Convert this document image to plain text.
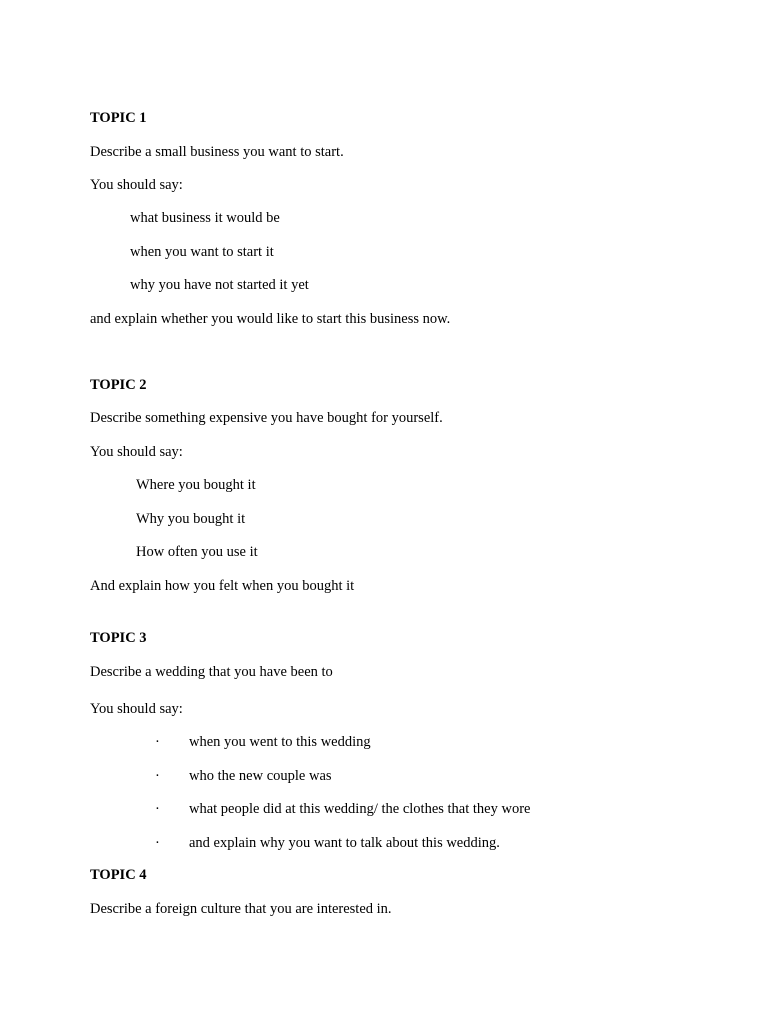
TOPIC 1
Describe a small business you want to start.
You should say:
what business it would be
when you want to start it
why you have not started it yet
and explain whether you would like to start this business now.
TOPIC 2
Describe something expensive you have bought for yourself.
You should say:
Where you bought it
Why you bought it
How often you use it
And explain how you felt when you bought it
TOPIC 3
Describe a wedding that you have been to
You should say:
· when you went to this wedding
· who the new couple was
· what people did at this wedding/ the clothes that they wore
· and explain why you want to talk about this wedding.
TOPIC 4
Describe a foreign culture that you are interested in.
